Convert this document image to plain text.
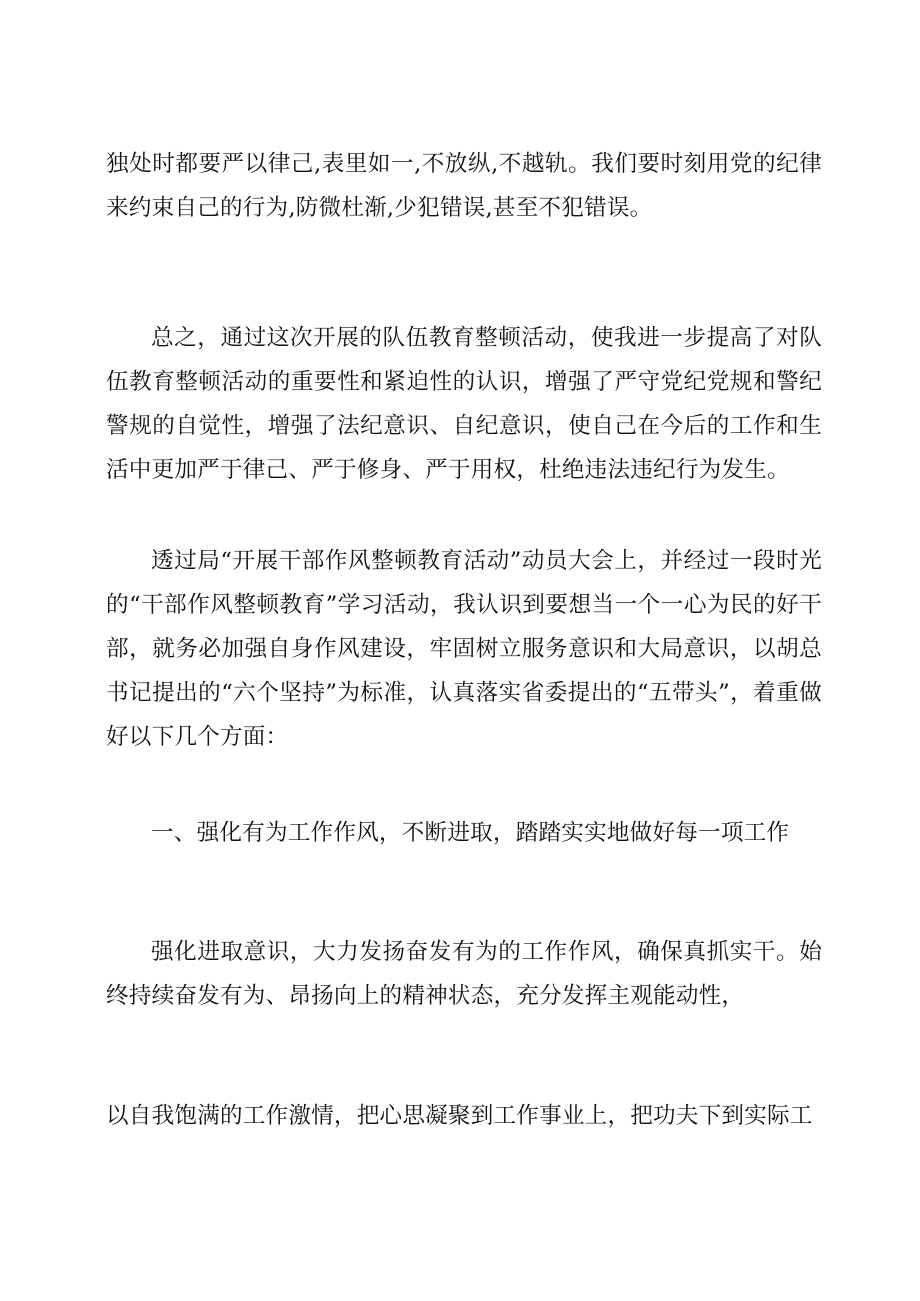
独处时都要严以律己,表里如一,不放纵,不越轨。我们要时刻用党的纪律来约束自己的行为,防微杜渐,少犯错误,甚至不犯错误。

总之，通过这次开展的队伍教育整顿活动，使我进一步提高了对队伍教育整顿活动的重要性和紧迫性的认识，增强了严守党纪党规和警纪警规的自觉性，增强了法纪意识、自纪意识，使自己在今后的工作和生活中更加严于律己、严于修身、严于用权，杜绝违法违纪行为发生。

透过局“开展干部作风整顿教育活动”动员大会上，并经过一段时光的“干部作风整顿教育”学习活动，我认识到要想当一个一心为民的好干部，就务必加强自身作风建设，牢固树立服务意识和大局意识，以胡总书记提出的“六个坚持”为标准，认真落实省委提出的“五带头”，着重做好以下几个方面：

一、强化有为工作作风，不断进取，踏踏实实地做好每一项工作

强化进取意识，大力发扬奋发有为的工作作风，确保真抓实干。始终持续奋发有为、昂扬向上的精神状态，充分发挥主观能动性，

以自我饱满的工作激情，把心思凝聚到工作事业上，把功夫下到实际工
